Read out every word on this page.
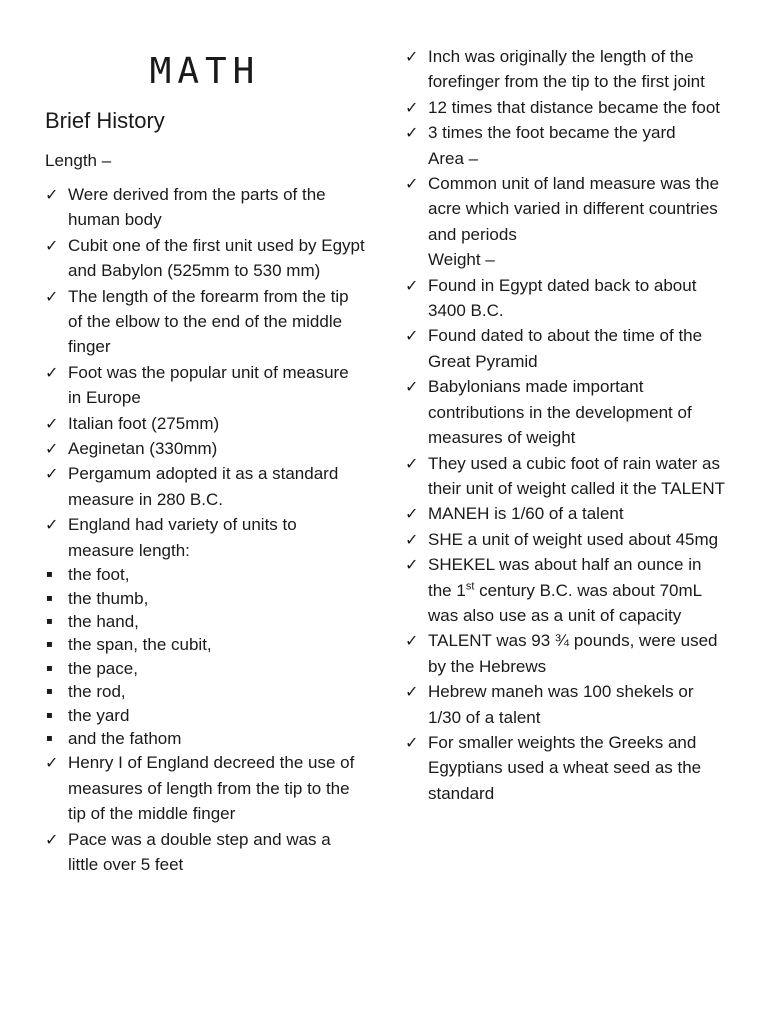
MATH
Brief History

Length –

✓ Were derived from the parts of the human body
✓ Cubit one of the first unit used by Egypt and Babylon (525mm to 530 mm)
✓ The length of the forearm from the tip of the elbow to the end of the middle finger
✓ Foot was the popular unit of measure in Europe
✓ Italian foot (275mm)
✓ Aeginetan (330mm)
✓ Pergamum adopted it as a standard measure in 280 B.C.
✓ England had variety of units to measure length:
▪ the foot,
▪ the thumb,
▪ the hand,
▪ the span, the cubit,
▪ the pace,
▪ the rod,
▪ the yard
▪ and the fathom
✓ Henry I of England decreed the use of measures of length from the tip to the tip of the middle finger
✓ Pace was a double step and was a little over 5 feet
✓ Inch was originally the length of the forefinger from the tip to the first joint
✓ 12 times that distance became the foot
✓ 3 times the foot became the yard
Area –
✓ Common unit of land measure was the acre which varied in different countries and periods
Weight –
✓ Found in Egypt dated back to about 3400 B.C.
✓ Found dated to about the time of the Great Pyramid
✓ Babylonians made important contributions in the development of measures of weight
✓ They used a cubic foot of rain water as their unit of weight called it the TALENT
✓ MANEH is 1/60 of a talent
✓ SHE a unit of weight used about 45mg
✓ SHEKEL was about half an ounce in the 1st century B.C. was about 70mL was also use as a unit of capacity
✓ TALENT was 93 ¾ pounds, were used by the Hebrews
✓ Hebrew maneh was 100 shekels or 1/30 of a talent
✓ For smaller weights the Greeks and Egyptians used a wheat seed as the standard
